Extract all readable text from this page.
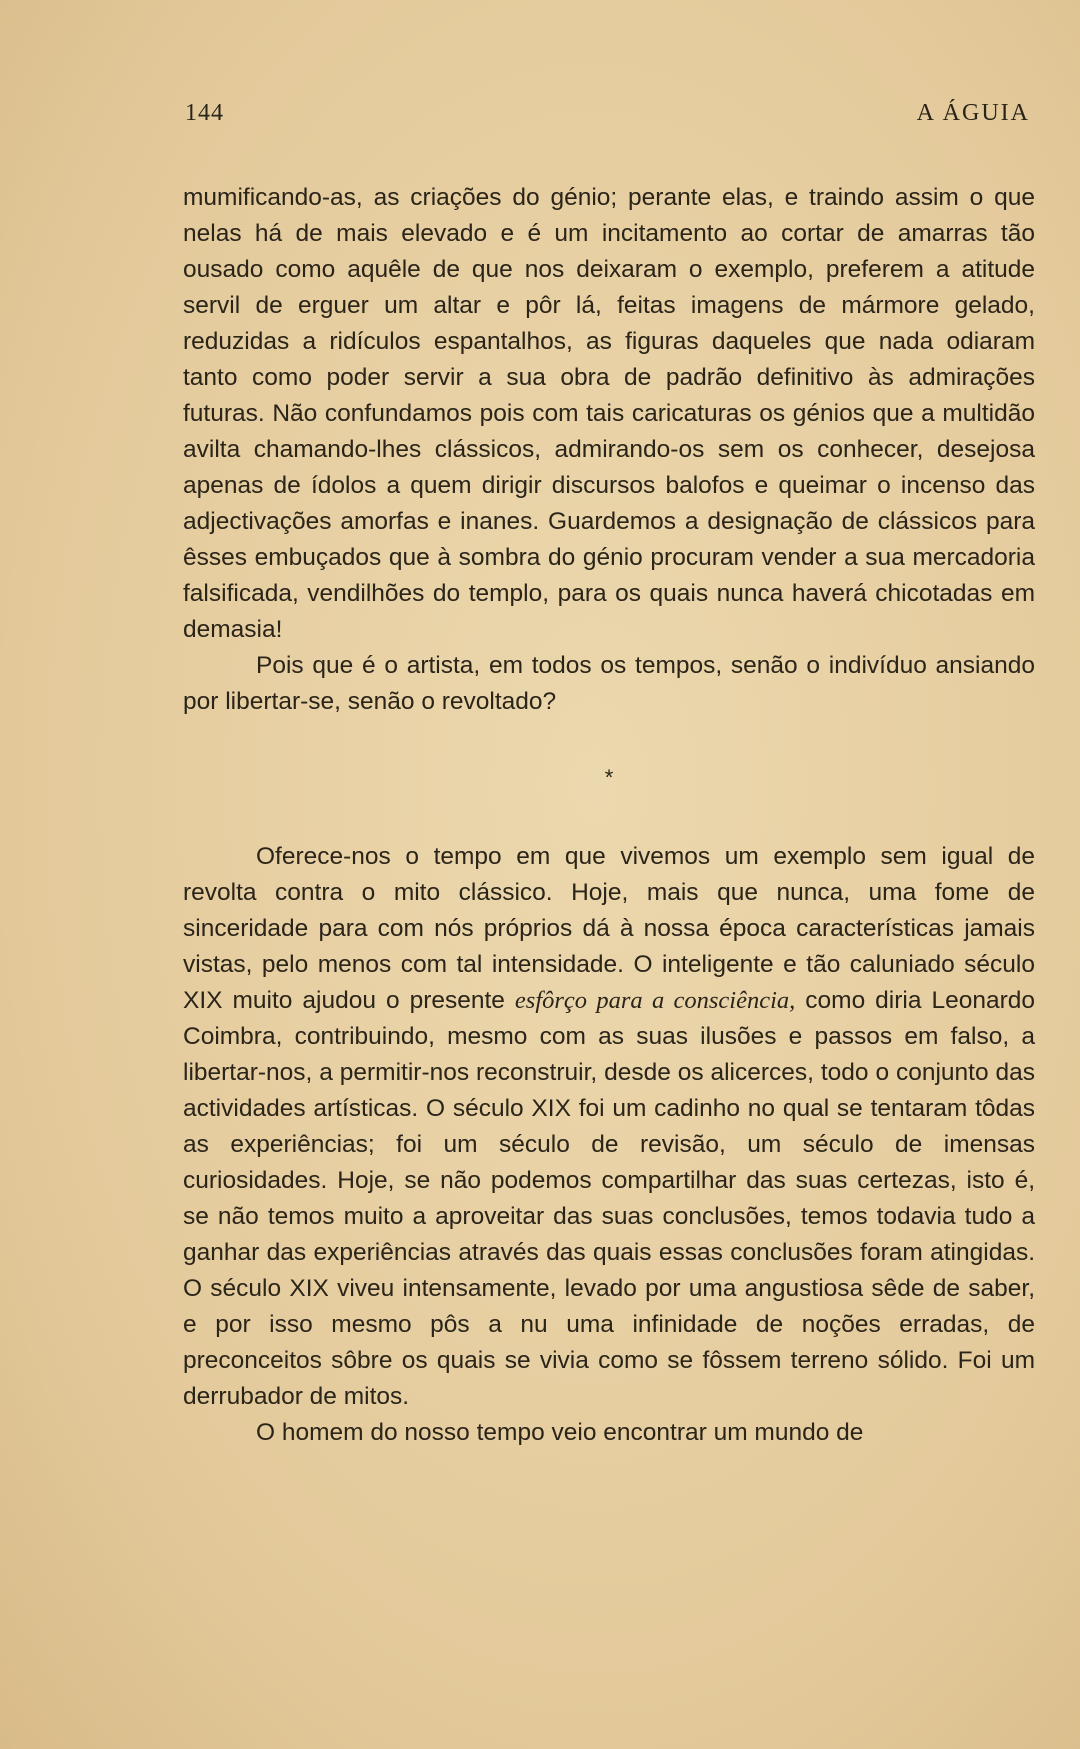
144	A ÁGUIA

mumificando-as, as criações do génio; perante elas, e traindo assim o que nelas há de mais elevado e é um incitamento ao cortar de amarras tão ousado como aquêle de que nos deixaram o exemplo, preferem a atitude servil de erguer um altar e pôr lá, feitas imagens de mármore gelado, reduzidas a ridículos espantalhos, as figuras daqueles que nada odiaram tanto como poder servir a sua obra de padrão definitivo às admirações futuras. Não confundamos pois com tais caricaturas os génios que a multidão avilta chamando-lhes clássicos, admirando-os sem os conhecer, desejosa apenas de ídolos a quem dirigir discursos balofos e queimar o incenso das adjectivações amorfas e inanes. Guardemos a designação de clássicos para êsses embuçados que à sombra do génio procuram vender a sua mercadoria falsificada, vendilhões do templo, para os quais nunca haverá chicotadas em demasia!

Pois que é o artista, em todos os tempos, senão o indivíduo ansiando por libertar-se, senão o revoltado?

*

Oferece-nos o tempo em que vivemos um exemplo sem igual de revolta contra o mito clássico. Hoje, mais que nunca, uma fome de sinceridade para com nós próprios dá à nossa época características jamais vistas, pelo menos com tal intensidade. O inteligente e tão caluniado século XIX muito ajudou o presente esfôrço para a consciência, como diria Leonardo Coimbra, contribuindo, mesmo com as suas ilusões e passos em falso, a libertar-nos, a permitir-nos reconstruir, desde os alicerces, todo o conjunto das actividades artísticas. O século XIX foi um cadinho no qual se tentaram tôdas as experiências; foi um século de revisão, um século de imensas curiosidades. Hoje, se não podemos compartilhar das suas certezas, isto é, se não temos muito a aproveitar das suas conclusões, temos todavia tudo a ganhar das experiências através das quais essas conclusões foram atingidas. O século XIX viveu intensamente, levado por uma angustiosa sêde de saber, e por isso mesmo pôs a nu uma infinidade de noções erradas, de preconceitos sôbre os quais se vivia como se fôssem terreno sólido. Foi um derrubador de mitos.

O homem do nosso tempo veio encontrar um mundo de
